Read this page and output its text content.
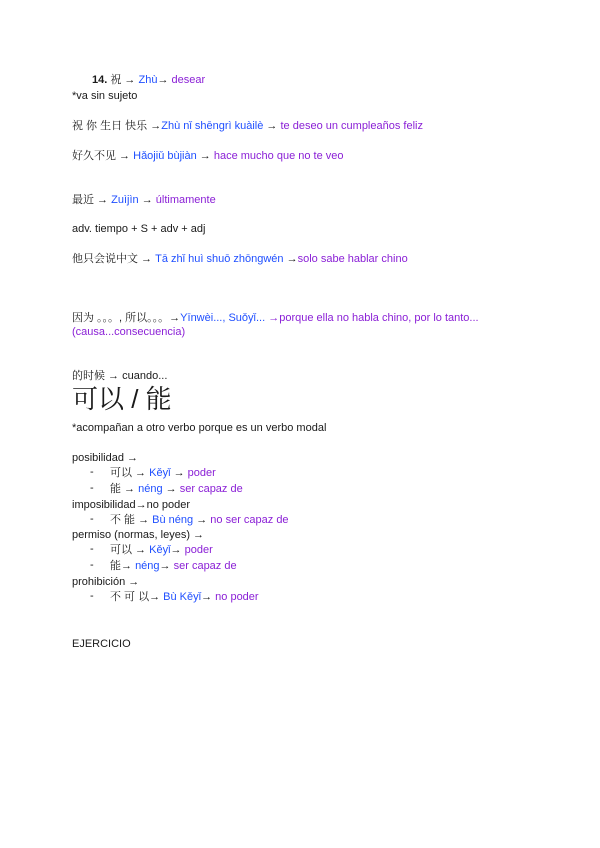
14. 祝 → Zhù→ desear
*va sin sujeto
祝 你 生日 快乐 →Zhù nǐ shēngrì kuàilè → te deseo un cumpleaños feliz
好久不见 → Hǎojiǔ bùjiàn → hace mucho que no te veo
最近 → Zuìjìn → últimamente
adv. tiempo + S + adv + adj
他只会说中文 → Tā zhǐ huì shuō zhōngwén →solo sabe hablar chino
因为 。。。, 所以。。。→Yīnwèi..., Suǒyǐ... →porque ella no habla chino, por lo tanto...
(causa...consecuencia)
的时候 → cuando...
可以 / 能
*acompañan a otro verbo porque es un verbo modal
posibilidad →
- 可以 → Kěyǐ → poder
- 能 → néng → ser capaz de
imposibilidad→no poder
- 不 能 → Bù néng → no ser capaz de
permiso (normas, leyes) →
- 可以 → Kěyǐ→ poder
- 能→ néng→ ser capaz de
prohibición →
- 不 可 以→ Bù Kěyǐ→ no poder
EJERCICIO
